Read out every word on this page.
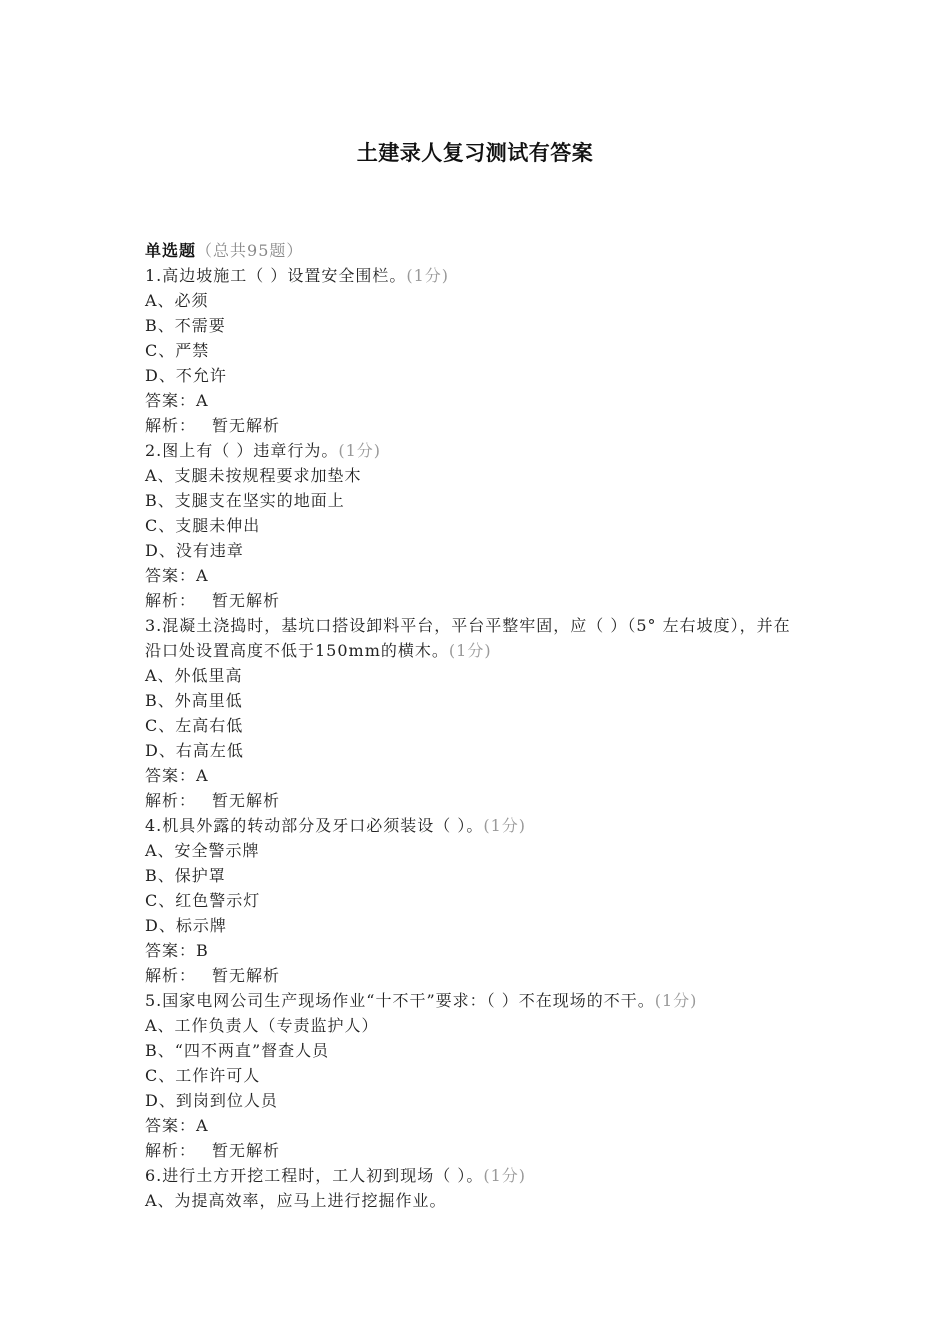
土建录人复习测试有答案
单选题（总共95题）
1.高边坡施工（ ）设置安全围栏。(1分)
A、必须
B、不需要
C、严禁
D、不允许
答案：A
解析： 暂无解析
2.图上有（ ）违章行为。(1分)
A、支腿未按规程要求加垫木
B、支腿支在坚实的地面上
C、支腿未伸出
D、没有违章
答案：A
解析： 暂无解析
3.混凝土浇捣时，基坑口搭设卸料平台，平台平整牢固，应（ ）（5° 左右坡度），并在沿口处设置高度不低于150mm的横木。(1分)
A、外低里高
B、外高里低
C、左高右低
D、右高左低
答案：A
解析： 暂无解析
4.机具外露的转动部分及牙口必须装设（ ）。(1分)
A、安全警示牌
B、保护罩
C、红色警示灯
D、标示牌
答案：B
解析： 暂无解析
5.国家电网公司生产现场作业“十不干”要求：（ ）不在现场的不干。(1分)
A、工作负责人（专责监护人）
B、“四不两直”督查人员
C、工作许可人
D、到岗到位人员
答案：A
解析： 暂无解析
6.进行土方开挖工程时，工人初到现场（ ）。(1分)
A、为提高效率，应马上进行挖掘作业。
